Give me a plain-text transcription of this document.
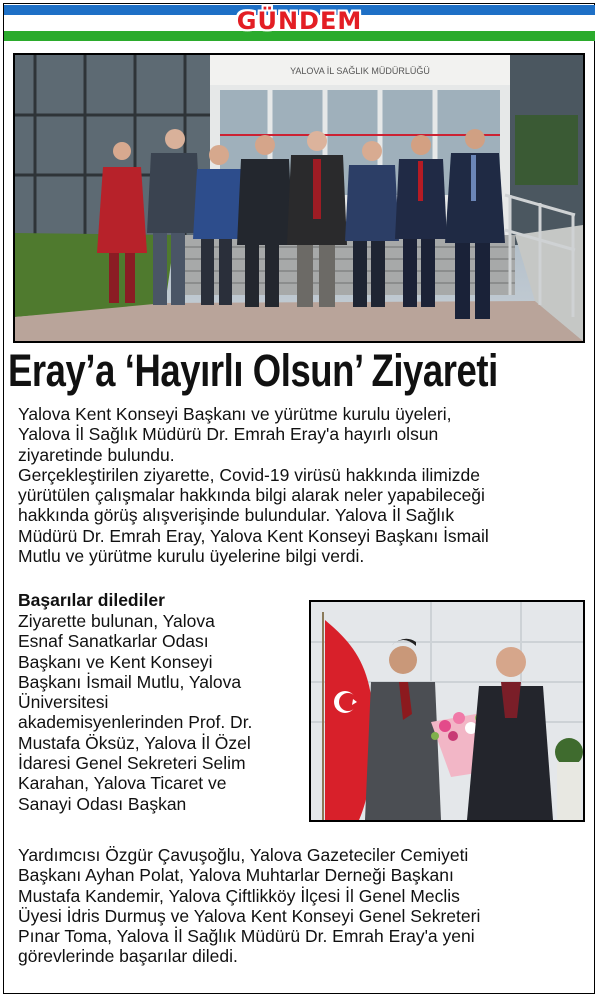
GÜNDEM
YALOVA İL SAĞLIK MÜDÜRLÜĞÜ
Eray’a ‘Hayırlı Olsun’ Ziyareti
Yalova Kent Konseyi Başkanı ve yürütme kurulu üyeleri,
Yalova İl Sağlık Müdürü Dr. Emrah Eray'a hayırlı olsun
ziyaretinde bulundu.
Gerçekleştirilen ziyarette, Covid-19 virüsü hakkında ilimizde
yürütülen çalışmalar hakkında bilgi alarak neler yapabileceği
hakkında görüş alışverişinde bulundular. Yalova İl Sağlık
Müdürü Dr. Emrah Eray, Yalova Kent Konseyi Başkanı İsmail
Mutlu ve yürütme kurulu üyelerine bilgi verdi.
Başarılar dilediler
Ziyarette bulunan, Yalova
Esnaf Sanatkarlar Odası
Başkanı ve Kent Konseyi
Başkanı İsmail Mutlu, Yalova
Üniversitesi
akademisyenlerinden Prof. Dr.
Mustafa Öksüz, Yalova İl Özel
İdaresi Genel Sekreteri Selim
Karahan, Yalova Ticaret ve
Sanayi Odası Başkan
Yardımcısı Özgür Çavuşoğlu, Yalova Gazeteciler Cemiyeti
Başkanı Ayhan Polat, Yalova Muhtarlar Derneği Başkanı
Mustafa Kandemir, Yalova Çiftlikköy İlçesi İl Genel Meclis
Üyesi İdris Durmuş ve Yalova Kent Konseyi Genel Sekreteri
Pınar Toma, Yalova İl Sağlık Müdürü Dr. Emrah Eray'a yeni
görevlerinde başarılar diledi.
